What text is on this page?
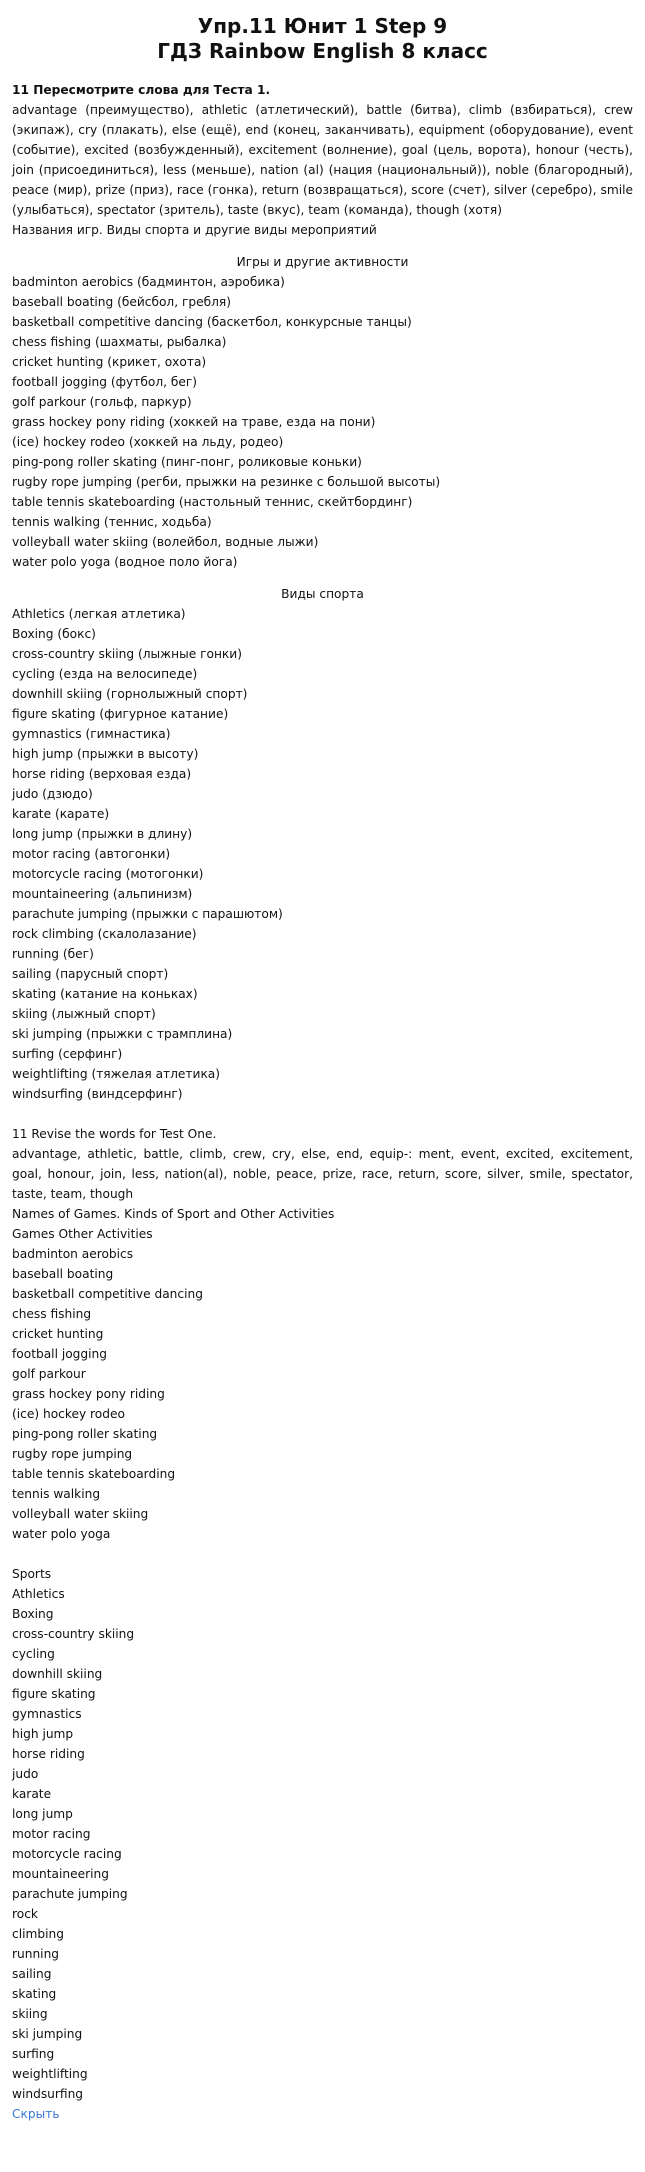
Упр.11 Юнит 1 Step 9
ГДЗ Rainbow English 8 класс

11 Пересмотрите слова для Теста 1.

advantage (преимущество), athletic (атлетический), battle (битва), climb (взбираться), crew (экипаж), cry (плакать), else (ещё), end (конец, заканчивать), equipment (оборудование), event (событие), excited (возбужденный), excitement (волнение), goal (цель, ворота), honour (честь), join (присоединиться), less (меньше), nation (al) (нация (национальный)), noble (благородный), peace (мир), prize (приз), race (гонка), return (возвращаться), score (счет), silver (серебро), smile (улыбаться), spectator (зритель), taste (вкус), team (команда), though (хотя)

Названия игр. Виды спорта и другие виды мероприятий

Игры и другие активности

badminton aerobics (бадминтон, аэробика)

baseball boating (бейсбол, гребля)

basketball competitive dancing (баскетбол, конкурсные танцы)

chess fishing (шахматы, рыбалка)

cricket hunting (крикет, охота)

football jogging (футбол, бег)

golf parkour (гольф, паркур)

grass hockey pony riding (хоккей на траве, езда на пони)

(ice) hockey rodeo (хоккей на льду, родео)

ping-pong roller skating (пинг-понг, роликовые коньки)

rugby rope jumping (регби, прыжки на резинке с большой высоты)

table tennis skateboarding (настольный теннис, скейтбординг)

tennis walking (теннис, ходьба)

volleyball water skiing (волейбол, водные лыжи)

water polo yoga (водное поло йога)

Виды спорта

Athletics (легкая атлетика)

Boxing (бокс)

cross-country skiing (лыжные гонки)

cycling (езда на велосипеде)

downhill skiing (горнолыжный спорт)

figure skating (фигурное катание)

gymnastics (гимнастика)

high jump (прыжки в высоту)

horse riding (верховая езда)

judo (дзюдо)

karate (карате)

long jump (прыжки в длину)

motor racing (автогонки)

motorcycle racing (мотогонки)

mountaineering (альпинизм)

parachute jumping (прыжки с парашютом)

rock climbing (скалолазание)

running (бег)

sailing (парусный спорт)

skating (катание на коньках)

skiing (лыжный спорт)

ski jumping (прыжки с трамплина)

surfing (серфинг)

weightlifting (тяжелая атлетика)

windsurfing (виндсерфинг)

11 Revise the words for Test One.

advantage, athletic, battle, climb, crew, cry, else, end, equip-: ment, event, excited, excitement, goal, honour, join, less, nation(al), noble, peace, prize, race, return, score, silver, smile, spectator, taste, team, though

Names of Games. Kinds of Sport and Other Activities

Games Other Activities

badminton aerobics

baseball boating

basketball competitive dancing

chess fishing

cricket hunting

football jogging

golf parkour

grass hockey pony riding

(ice) hockey rodeo

ping-pong roller skating

rugby rope jumping

table tennis skateboarding

tennis walking

volleyball water skiing

water polo yoga

Sports

Athletics

Boxing

cross-country skiing

cycling

downhill skiing

figure skating

gymnastics

high jump

horse riding

judo

karate

long jump

motor racing

motorcycle racing

mountaineering

parachute jumping

rock

climbing

running

sailing

skating

skiing

ski jumping

surfing

weightlifting

windsurfing

Скрыть
